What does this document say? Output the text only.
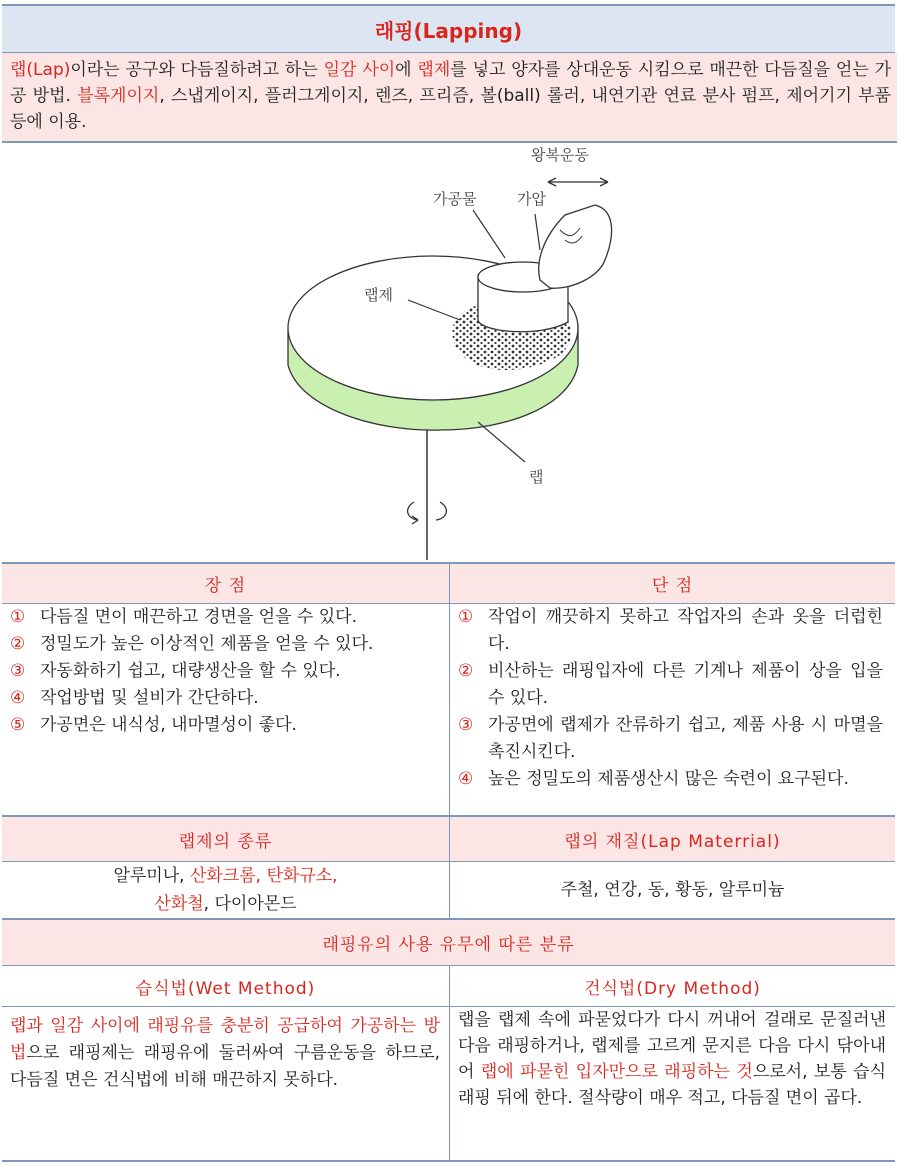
래핑(Lapping)
랩(Lap)이라는 공구와 다듬질하려고 하는 일감 사이에 랩제를 넣고 양자를 상대운동 시킴으로 매끈한 다듬질을 얻는 가공 방법. 블록게이지, 스냅게이지, 플러그게이지, 렌즈, 프리즘, 볼(ball) 롤러, 내연기관 연료 분사 펌프, 제어기기 부품 등에 이용.
왕복운동
가공물	가압
랩제
랩
장 점	단 점
① 다듬질 면이 매끈하고 경면을 얻을 수 있다.
② 정밀도가 높은 이상적인 제품을 얻을 수 있다.
③ 자동화하기 쉽고, 대량생산을 할 수 있다.
④ 작업방법 및 설비가 간단하다.
⑤ 가공면은 내식성, 내마멸성이 좋다.
① 작업이 깨끗하지 못하고 작업자의 손과 옷을 더럽힌다.
② 비산하는 래핑입자에 다른 기계나 제품이 상을 입을 수 있다.
③ 가공면에 랩제가 잔류하기 쉽고, 제품 사용 시 마멸을 촉진시킨다.
④ 높은 정밀도의 제품생산시 많은 숙련이 요구된다.
랩제의 종류	랩의 재질(Lap Materrial)
알루미나, 산화크롬, 탄화규소,
산화철, 다이아몬드
주철, 연강, 동, 황동, 알루미늄
래핑유의 사용 유무에 따른 분류
습식법(Wet Method)	건식법(Dry Method)
랩과 일감 사이에 래핑유를 충분히 공급하여 가공하는 방법으로 래핑제는 래핑유에 둘러싸여 구름운동을 하므로, 다듬질 면은 건식법에 비해 매끈하지 못하다.
랩을 랩제 속에 파묻었다가 다시 꺼내어 걸래로 문질러낸 다음 래핑하거나, 랩제를 고르게 문지른 다음 다시 닦아내어 랩에 파묻힌 입자만으로 래핑하는 것으로서, 보통 습식래핑 뒤에 한다. 절삭량이 매우 적고, 다듬질 면이 곱다.
